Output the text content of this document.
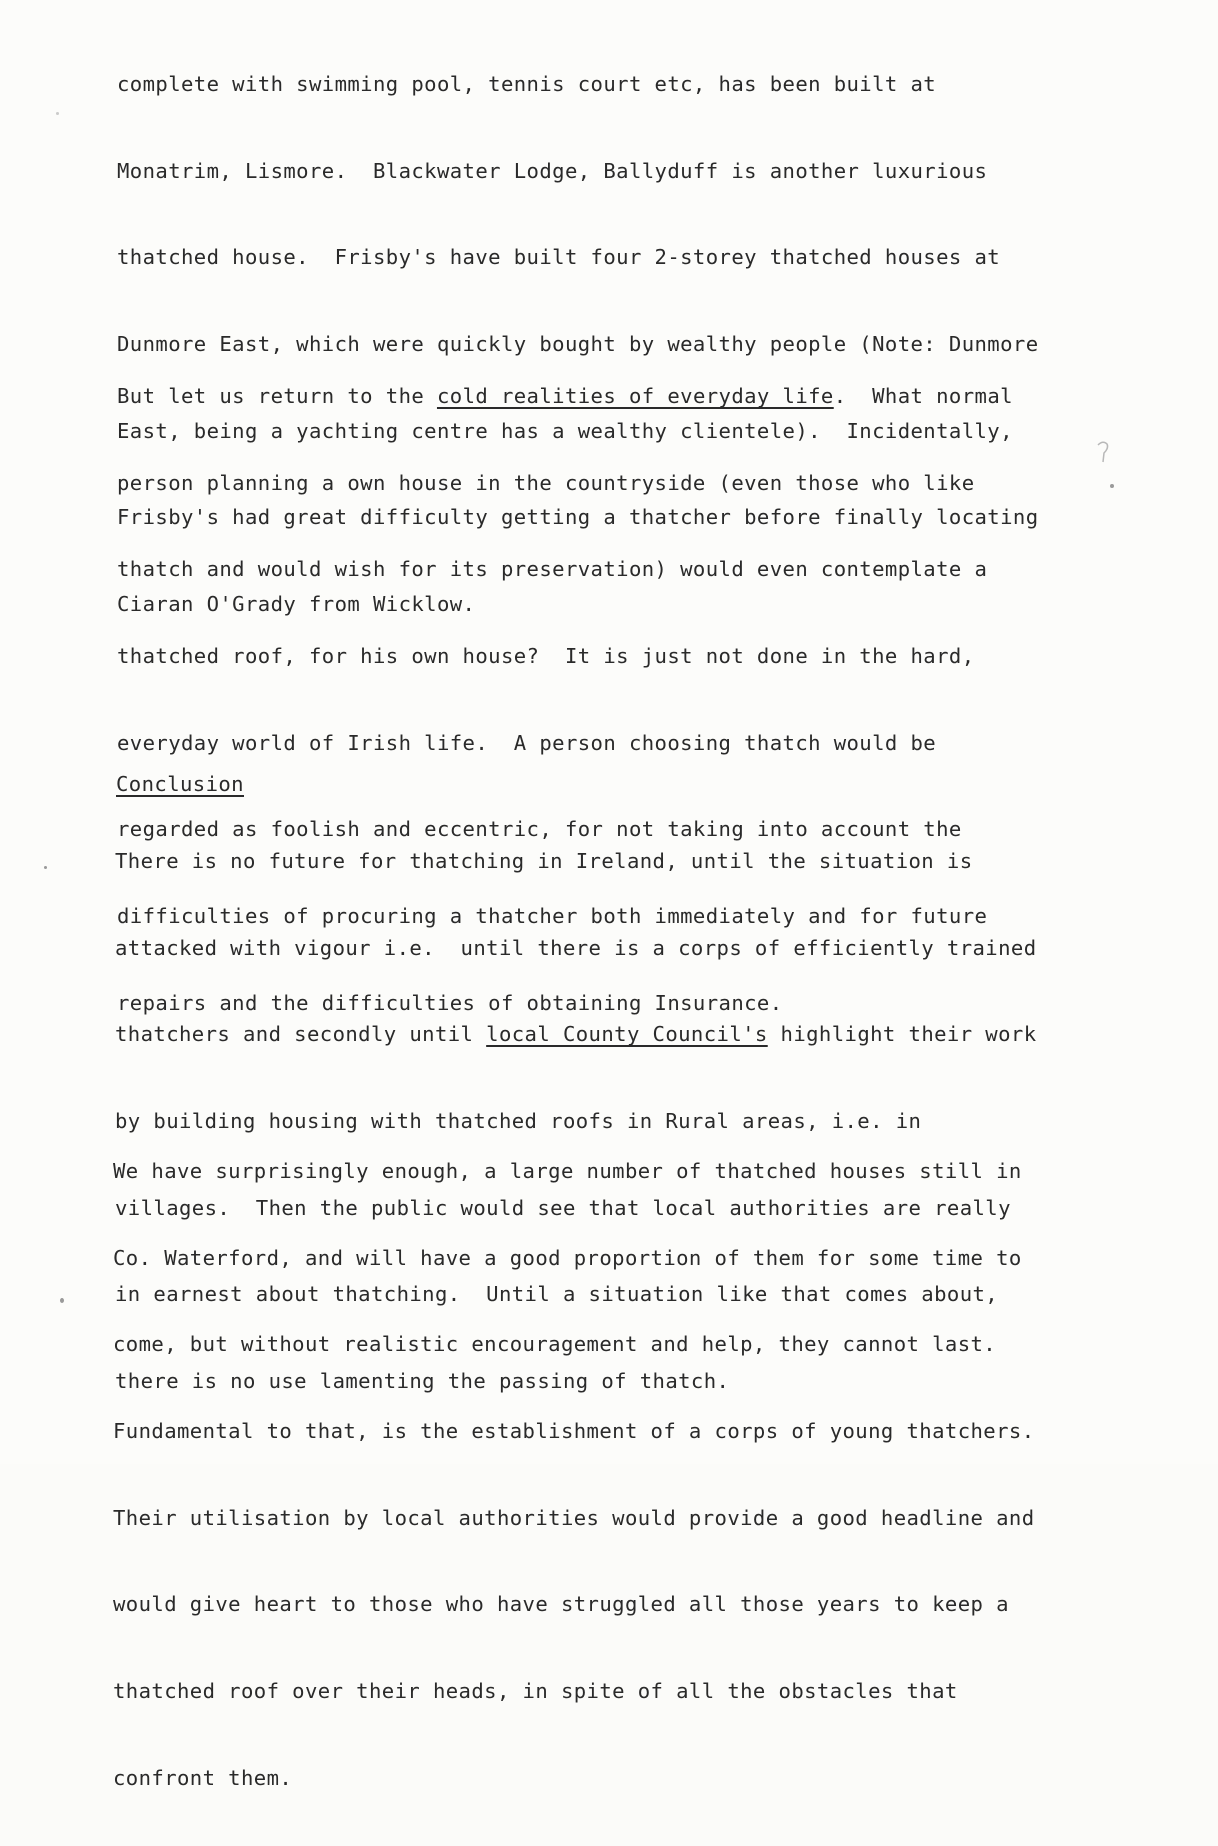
complete with swimming pool, tennis court etc, has been built at

Monatrim, Lismore.  Blackwater Lodge, Ballyduff is another luxurious

thatched house.  Frisby's have built four 2-storey thatched houses at

Dunmore East, which were quickly bought by wealthy people (Note: Dunmore

East, being a yachting centre has a wealthy clientele).  Incidentally,

Frisby's had great difficulty getting a thatcher before finally locating

Ciaran O'Grady from Wicklow.

But let us return to the cold realities of everyday life.  What normal

person planning a own house in the countryside (even those who like

thatch and would wish for its preservation) would even contemplate a

thatched roof, for his own house?  It is just not done in the hard,

everyday world of Irish life.  A person choosing thatch would be

regarded as foolish and eccentric, for not taking into account the

difficulties of procuring a thatcher both immediately and for future

repairs and the difficulties of obtaining Insurance.

Conclusion

There is no future for thatching in Ireland, until the situation is

attacked with vigour i.e.  until there is a corps of efficiently trained

thatchers and secondly until local County Council's highlight their work

by building housing with thatched roofs in Rural areas, i.e. in

villages.  Then the public would see that local authorities are really

in earnest about thatching.  Until a situation like that comes about,

there is no use lamenting the passing of thatch.

We have surprisingly enough, a large number of thatched houses still in

Co. Waterford, and will have a good proportion of them for some time to

come, but without realistic encouragement and help, they cannot last.

Fundamental to that, is the establishment of a corps of young thatchers.

Their utilisation by local authorities would provide a good headline and

would give heart to those who have struggled all those years to keep a

thatched roof over their heads, in spite of all the obstacles that

confront them.
